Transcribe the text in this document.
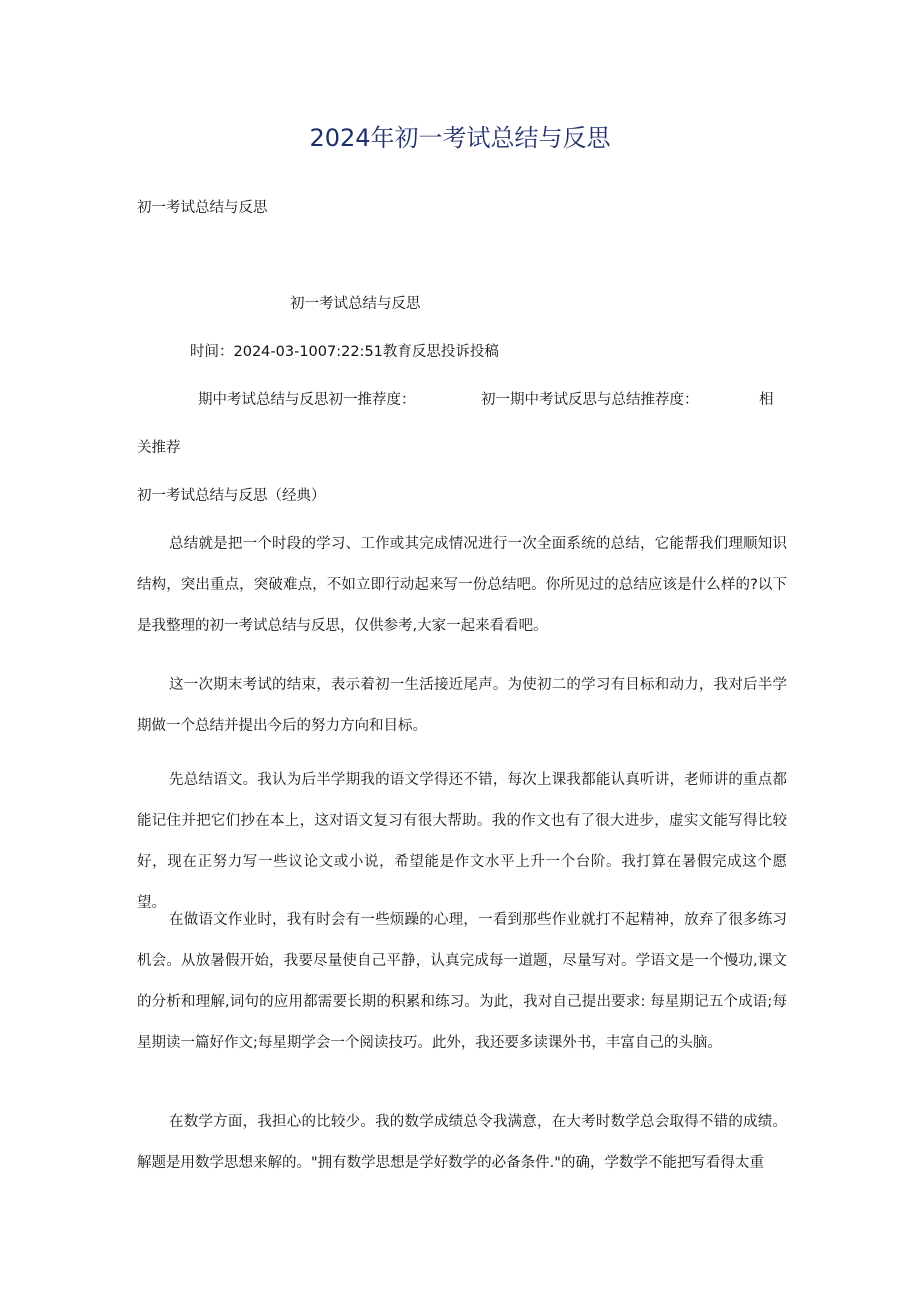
2024年初一考试总结与反思
初一考试总结与反思
初一考试总结与反思
时间：2024-03-1007:22:51教育反思投诉投稿
期中考试总结与反思初一推荐度：	初一期中考试反思与总结推荐度：	相
关推荐
初一考试总结与反思（经典）

总结就是把一个时段的学习、工作或其完成情况进行一次全面系统的总结，它能帮我们理顺知识结构，突出重点，突破难点，不如立即行动起来写一份总结吧。你所见过的总结应该是什么样的?以下是我整理的初一考试总结与反思，仅供参考,大家一起来看看吧。

这一次期末考试的结束，表示着初一生活接近尾声。为使初二的学习有目标和动力，我对后半学期做一个总结并提出今后的努力方向和目标。

先总结语文。我认为后半学期我的语文学得还不错，每次上课我都能认真听讲，老师讲的重点都能记住并把它们抄在本上，这对语文复习有很大帮助。我的作文也有了很大进步，虚实文能写得比较好，现在正努力写一些议论文或小说，希望能是作文水平上升一个台阶。我打算在暑假完成这个愿望。

在做语文作业时，我有时会有一些烦躁的心理，一看到那些作业就打不起精神，放弃了很多练习机会。从放暑假开始，我要尽量使自己平静，认真完成每一道题，尽量写对。学语文是一个慢功,课文的分析和理解,词句的应用都需要长期的积累和练习。为此，我对自己提出要求: 每星期记五个成语;每星期读一篇好作文;每星期学会一个阅读技巧。此外，我还要多读课外书，丰富自己的头脑。

在数学方面，我担心的比较少。我的数学成绩总令我满意，在大考时数学总会取得不错的成绩。解题是用数学思想来解的。"拥有数学思想是学好数学的必备条件."的确，学数学不能把写看得太重
